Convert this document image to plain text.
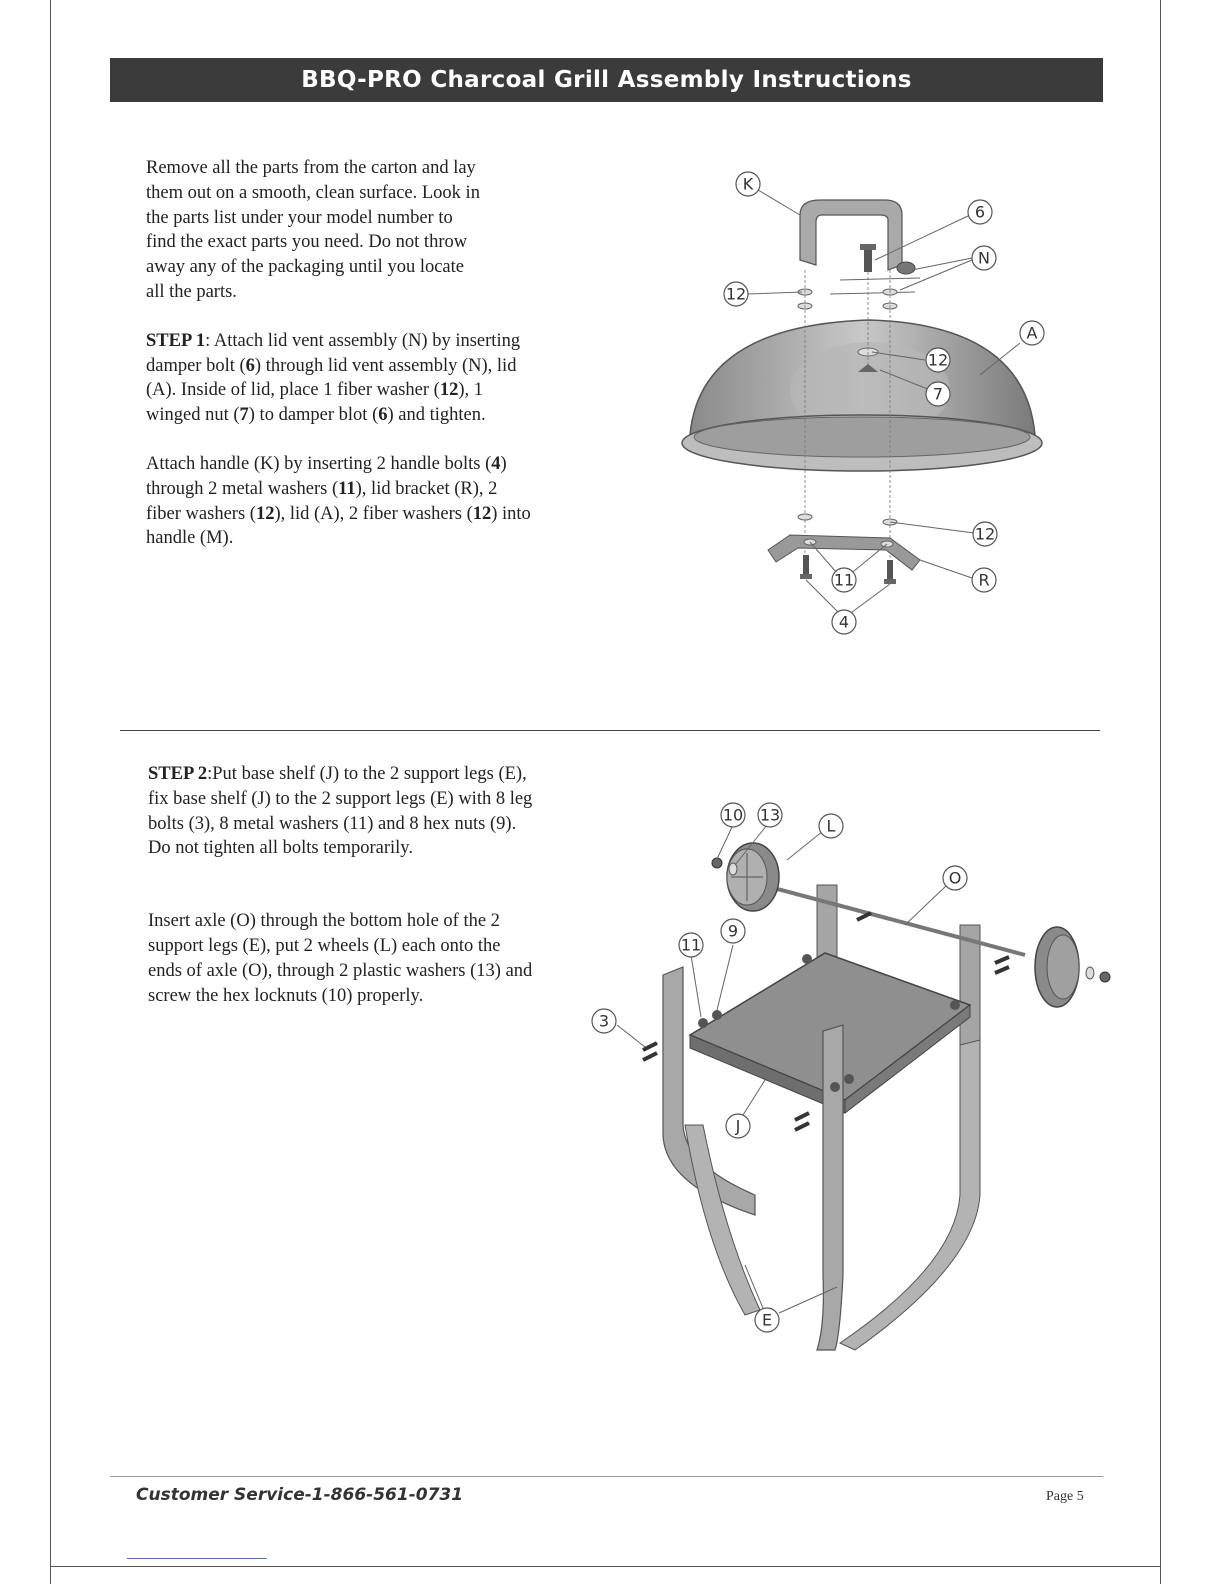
BBQ-PRO Charcoal Grill Assembly Instructions

Remove all the parts from the carton and lay them out on a smooth, clean surface. Look in the parts list under your model number to find the exact parts you need. Do not throw away any of the packaging until you locate all the parts.

STEP 1: Attach lid vent assembly (N) by inserting damper bolt (6) through lid vent assembly (N), lid (A). Inside of lid, place 1 fiber washer (12), 1 winged nut (7) to damper blot (6) and tighten.

Attach handle (K) by inserting 2 handle bolts (4) through 2 metal washers (11), lid bracket (R), 2 fiber washers (12), lid (A), 2 fiber washers (12) into handle (M).

K
6
N
12
A
12
7
12
11	R
4

STEP 2:Put base shelf (J) to the 2 support legs (E), fix base shelf (J) to the 2 support legs (E) with 8 leg bolts (3), 8 metal washers (11) and 8 hex nuts (9).

Do not tighten all bolts temporarily.

Insert axle (O) through the bottom hole of the 2 support legs (E), put 2 wheels (L) each onto the ends of axle (O), through 2 plastic washers (13) and screw the hex locknuts (10) properly.

10 13
L
O
9
11
3
J
E
Customer Service-1-866-561-0731	Page 5
